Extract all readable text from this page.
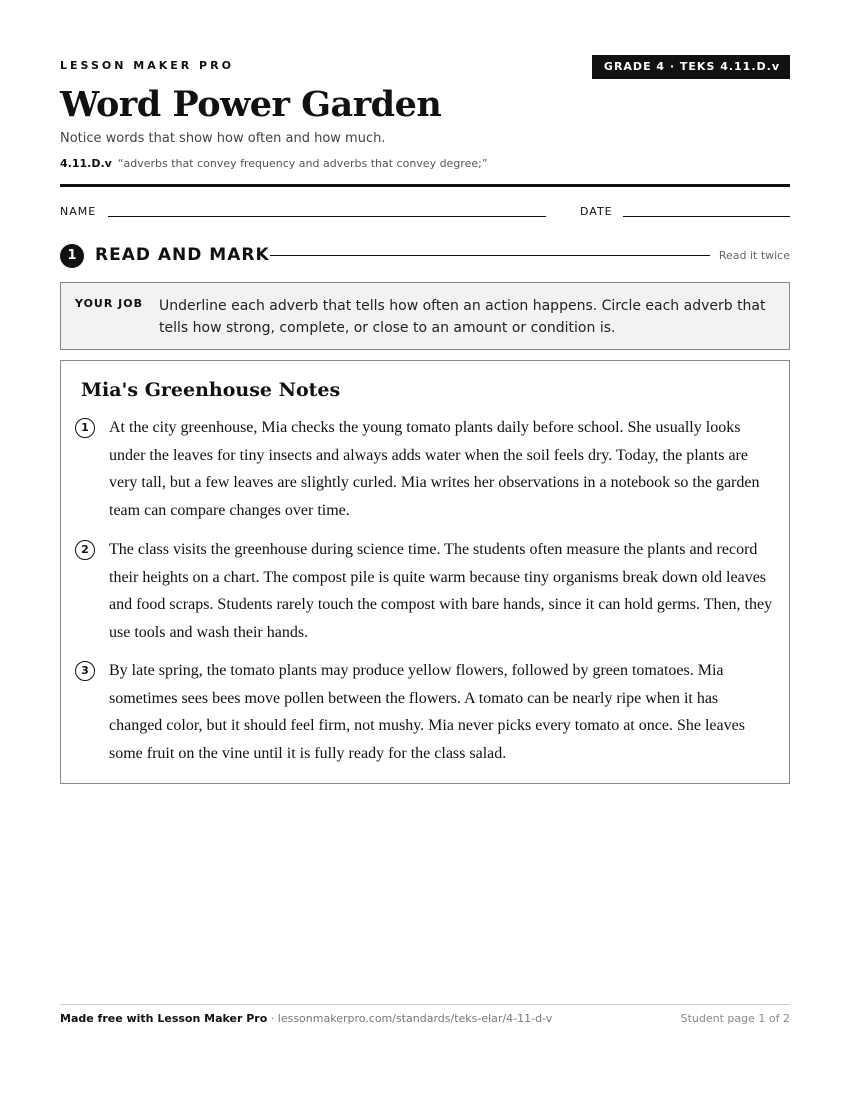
LESSON MAKER PRO	GRADE 4 · TEKS 4.11.D.v
Word Power Garden
Notice words that show how often and how much.
4.11.D.v “adverbs that convey frequency and adverbs that convey degree;”
NAME	DATE
1	READ AND MARK	Read it twice
YOUR JOB Underline each adverb that tells how often an action happens. Circle each adverb that tells how strong, complete, or close to an amount or condition is.
Mia's Greenhouse Notes
1	At the city greenhouse, Mia checks the young tomato plants daily before school. She usually looks under the leaves for tiny insects and always adds water when the soil feels dry. Today, the plants are very tall, but a few leaves are slightly curled. Mia writes her observations in a notebook so the garden team can compare changes over time.
2	The class visits the greenhouse during science time. The students often measure the plants and record their heights on a chart. The compost pile is quite warm because tiny organisms break down old leaves and food scraps. Students rarely touch the compost with bare hands, since it can hold germs. Then, they use tools and wash their hands.
3	By late spring, the tomato plants may produce yellow flowers, followed by green tomatoes. Mia sometimes sees bees move pollen between the flowers. A tomato can be nearly ripe when it has changed color, but it should feel firm, not mushy. Mia never picks every tomato at once. She leaves some fruit on the vine until it is fully ready for the class salad.
Made free with Lesson Maker Pro · lessonmakerpro.com/standards/teks-elar/4-11-d-v	Student page 1 of 2
